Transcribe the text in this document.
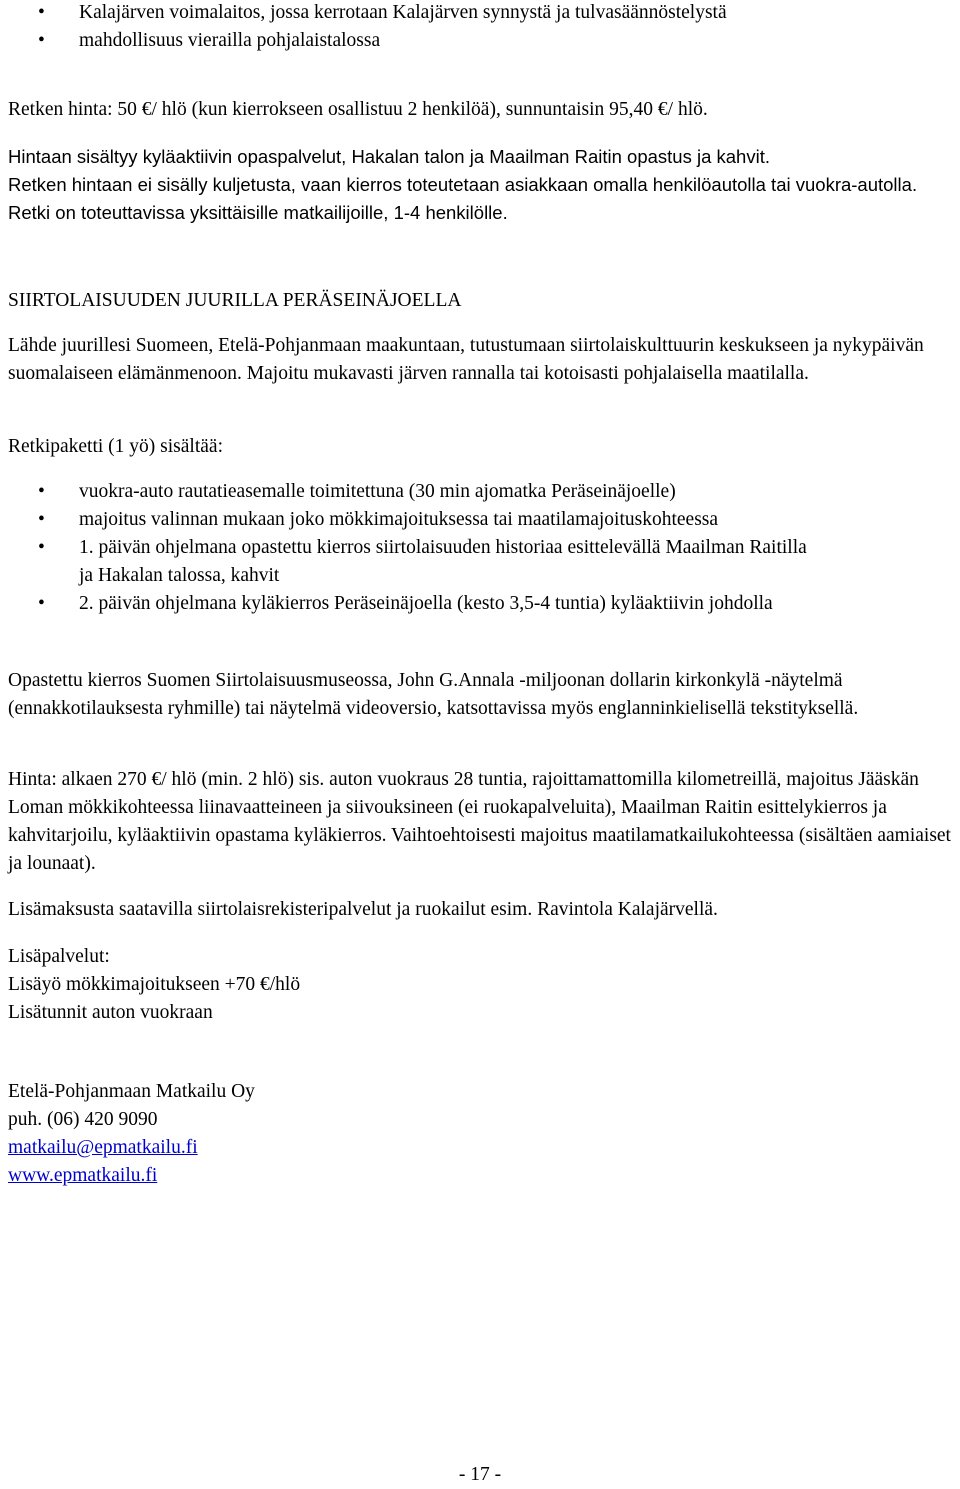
• Kalajärven voimalaitos, jossa kerrotaan Kalajärven synnystä ja tulvasäännöstelystä
• mahdollisuus vierailla pohjalaistalossa

Retken hinta: 50 €/ hlö (kun kierrokseen osallistuu 2 henkilöä), sunnuntaisin 95,40 €/ hlö.

Hintaan sisältyy kyläaktiivin opaspalvelut, Hakalan talon ja Maailman Raitin opastus ja kahvit.
Retken hintaan ei sisälly kuljetusta, vaan kierros toteutetaan asiakkaan omalla henkilöautolla tai vuokra-autolla. Retki on toteuttavissa yksittäisille matkailijoille, 1-4 henkilölle.

SIIRTOLAISUUDEN JUURILLA PERÄSEINÄJOELLA

Lähde juurillesi Suomeen, Etelä-Pohjanmaan maakuntaan, tutustumaan siirtolaiskulttuurin keskukseen ja nykypäivän suomalaiseen elämänmenoon. Majoitu mukavasti järven rannalla tai kotoisasti pohjalaisella maatilalla.

Retkipaketti (1 yö) sisältää:

• vuokra-auto rautatieasemalle toimitettuna (30 min ajomatka Peräseinäjoelle)
• majoitus valinnan mukaan joko mökkimajoituksessa tai maatilamajoituskohteessa
• 1. päivän ohjelmana opastettu kierros siirtolaisuuden historiaa esittelevällä Maailman Raitilla ja Hakalan talossa, kahvit
• 2. päivän ohjelmana kyläkierros Peräseinäjoella (kesto 3,5-4 tuntia) kyläaktiivin johdolla

Opastettu kierros Suomen Siirtolaisuusmuseossa, John G.Annala -miljoonan dollarin kirkonkylä -näytelmä (ennakkotilauksesta ryhmille) tai näytelmä videoversio, katsottavissa myös englanninkielisellä tekstityksellä.

Hinta: alkaen 270 €/ hlö (min. 2 hlö) sis. auton vuokraus 28 tuntia, rajoittamattomilla kilometreillä, majoitus Jääskän Loman mökkikohteessa liinavaatteineen ja siivouksineen (ei ruokapalveluita), Maailman Raitin esittelykierros ja kahvitarjoilu, kyläaktiivin opastama kyläkierros. Vaihtoehtoisesti majoitus maatilamatkailukohteessa (sisältäen aamiaiset ja lounaat).

Lisämaksusta saatavilla siirtolaisrekisteripalvelut ja ruokailut esim. Ravintola Kalajärvellä.

Lisäpalvelut:
Lisäyö mökkimajoitukseen +70 €/hlö
Lisätunnit auton vuokraan
Etelä-Pohjanmaan Matkailu Oy
puh. (06) 420 9090
matkailu@epmatkailu.fi
www.epmatkailu.fi
- 17 -
